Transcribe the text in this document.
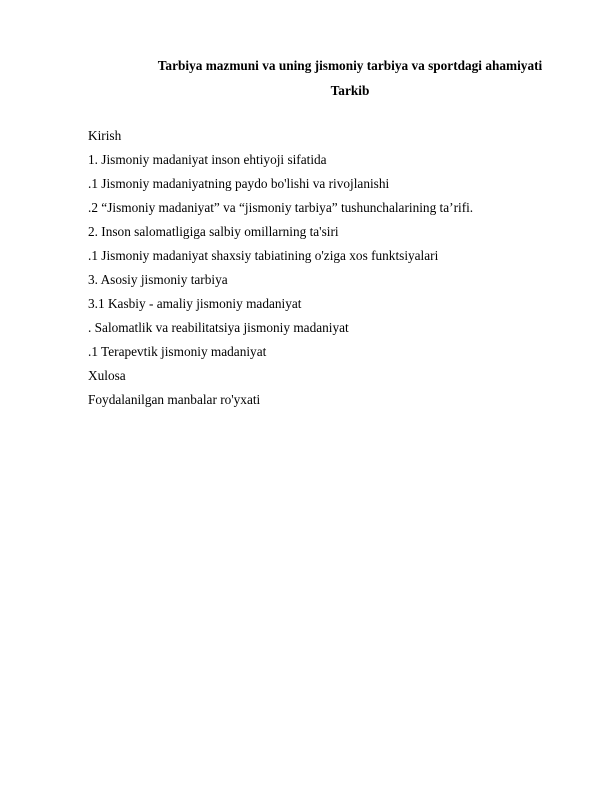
Tarbiya mazmuni va uning jismoniy tarbiya va sportdagi ahamiyati
Tarkib
Kirish
1. Jismoniy madaniyat inson ehtiyoji sifatida
.1 Jismoniy madaniyatning paydo bo'lishi va rivojlanishi
.2 “Jismoniy madaniyat” va “jismoniy tarbiya” tushunchalarining ta’rifi.
2. Inson salomatligiga salbiy omillarning ta'siri
.1 Jismoniy madaniyat shaxsiy tabiatining o'ziga xos funktsiyalari
3. Asosiy jismoniy tarbiya
3.1 Kasbiy - amaliy jismoniy madaniyat
. Salomatlik va reabilitatsiya jismoniy madaniyat
.1 Terapevtik jismoniy madaniyat
Xulosa
Foydalanilgan manbalar ro'yxati
